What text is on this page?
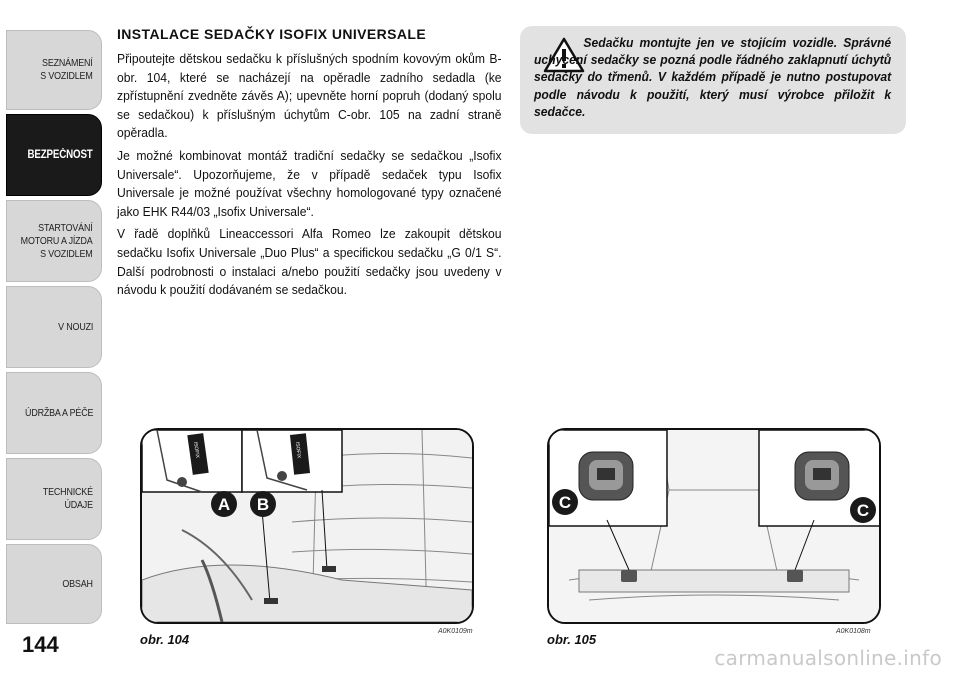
SEZNÁMENÍ
S VOZIDLEM
BEZPEČNOST
STARTOVÁNÍ
MOTORU A JÍZDA
S VOZIDLEM
V NOUZI
ÚDRŽBA A PÉČE
TECHNICKÉ
ÚDAJE
OBSAH
144
INSTALACE SEDAČKY ISOFIX UNIVERSALE

Připoutejte dětskou sedačku k příslušných spodním kovovým okům B-obr. 104, které se nacházejí na opěradle zadního sedadla (ke zpřístupnění zvedněte závěs A); upevněte horní popruh (dodaný spolu se sedačkou) k příslušným úchytům C-obr. 105 na zadní straně opěradla.

Je možné kombinovat montáž tradiční sedačky se sedačkou „Isofix Universale“. Upozorňujeme, že v případě sedaček typu Isofix Universale je možné používat všechny homologované typy označené jako EHK R44/03 „Isofix Universale“.

V řadě doplňků Lineaccessori Alfa Romeo lze zakoupit dětskou sedačku Isofix Universale „Duo Plus“ a specifickou sedačku „G 0/1 S“. Další podrobnosti o instalaci a/nebo použití sedačky jsou uvedeny v návodu k použití dodávaném se sedačkou.

Sedačku montujte jen ve stojícím vozidle. Správné uchycení sedačky se pozná podle řádného zaklapnutí úchytů sedačky do třmenů. V každém případě je nutno postupovat podle návodu k použití, který musí výrobce přiložit k sedačce.

A B
ISOFIX	ISOFIX
obr. 104
A0K0109m
C	C
obr. 105
A0K0108m
carmanualsonline.info
